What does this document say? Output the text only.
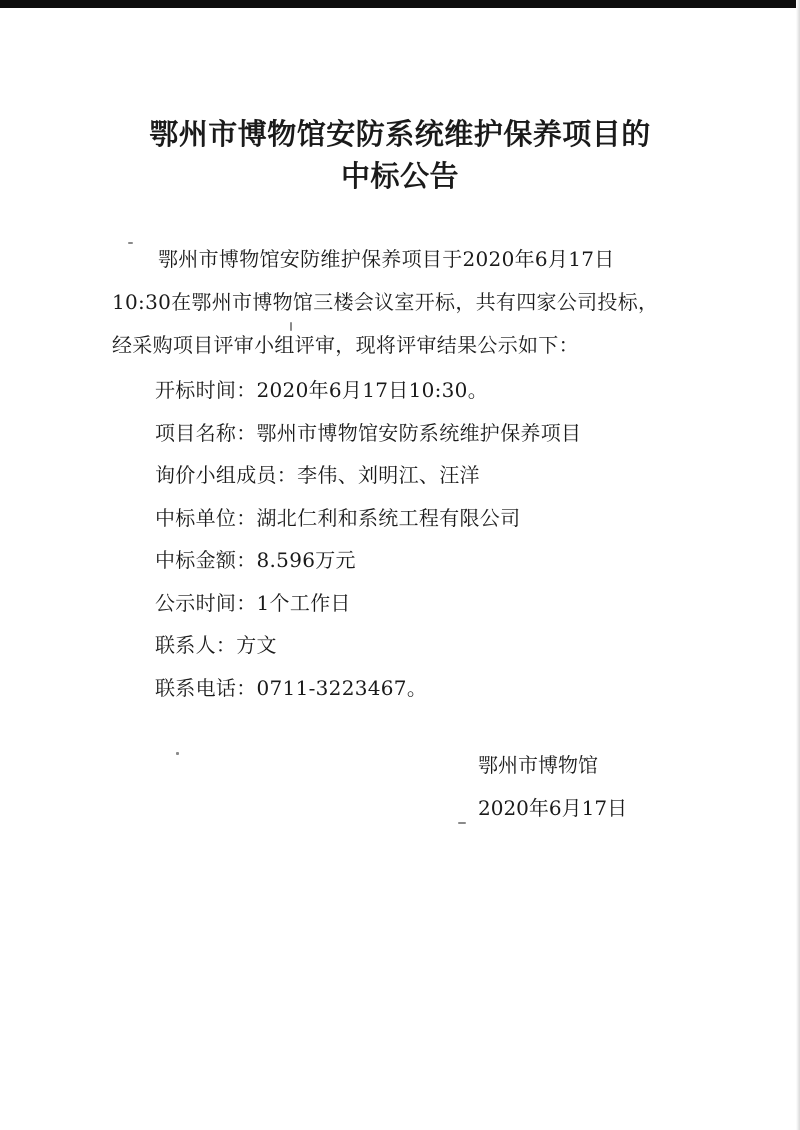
鄂州市博物馆安防系统维护保养项目的
中标公告

鄂州市博物馆安防维护保养项目于2020年6月17日
10:30在鄂州市博物馆三楼会议室开标，共有四家公司投标，
经采购项目评审小组评审，现将评审结果公示如下：

开标时间：2020年6月17日10:30。

项目名称：鄂州市博物馆安防系统维护保养项目

询价小组成员：李伟、刘明江、汪洋

中标单位：湖北仁利和系统工程有限公司

中标金额：8.596万元

公示时间：1个工作日

联系人：方文

联系电话：0711-3223467。

鄂州市博物馆

2020年6月17日
